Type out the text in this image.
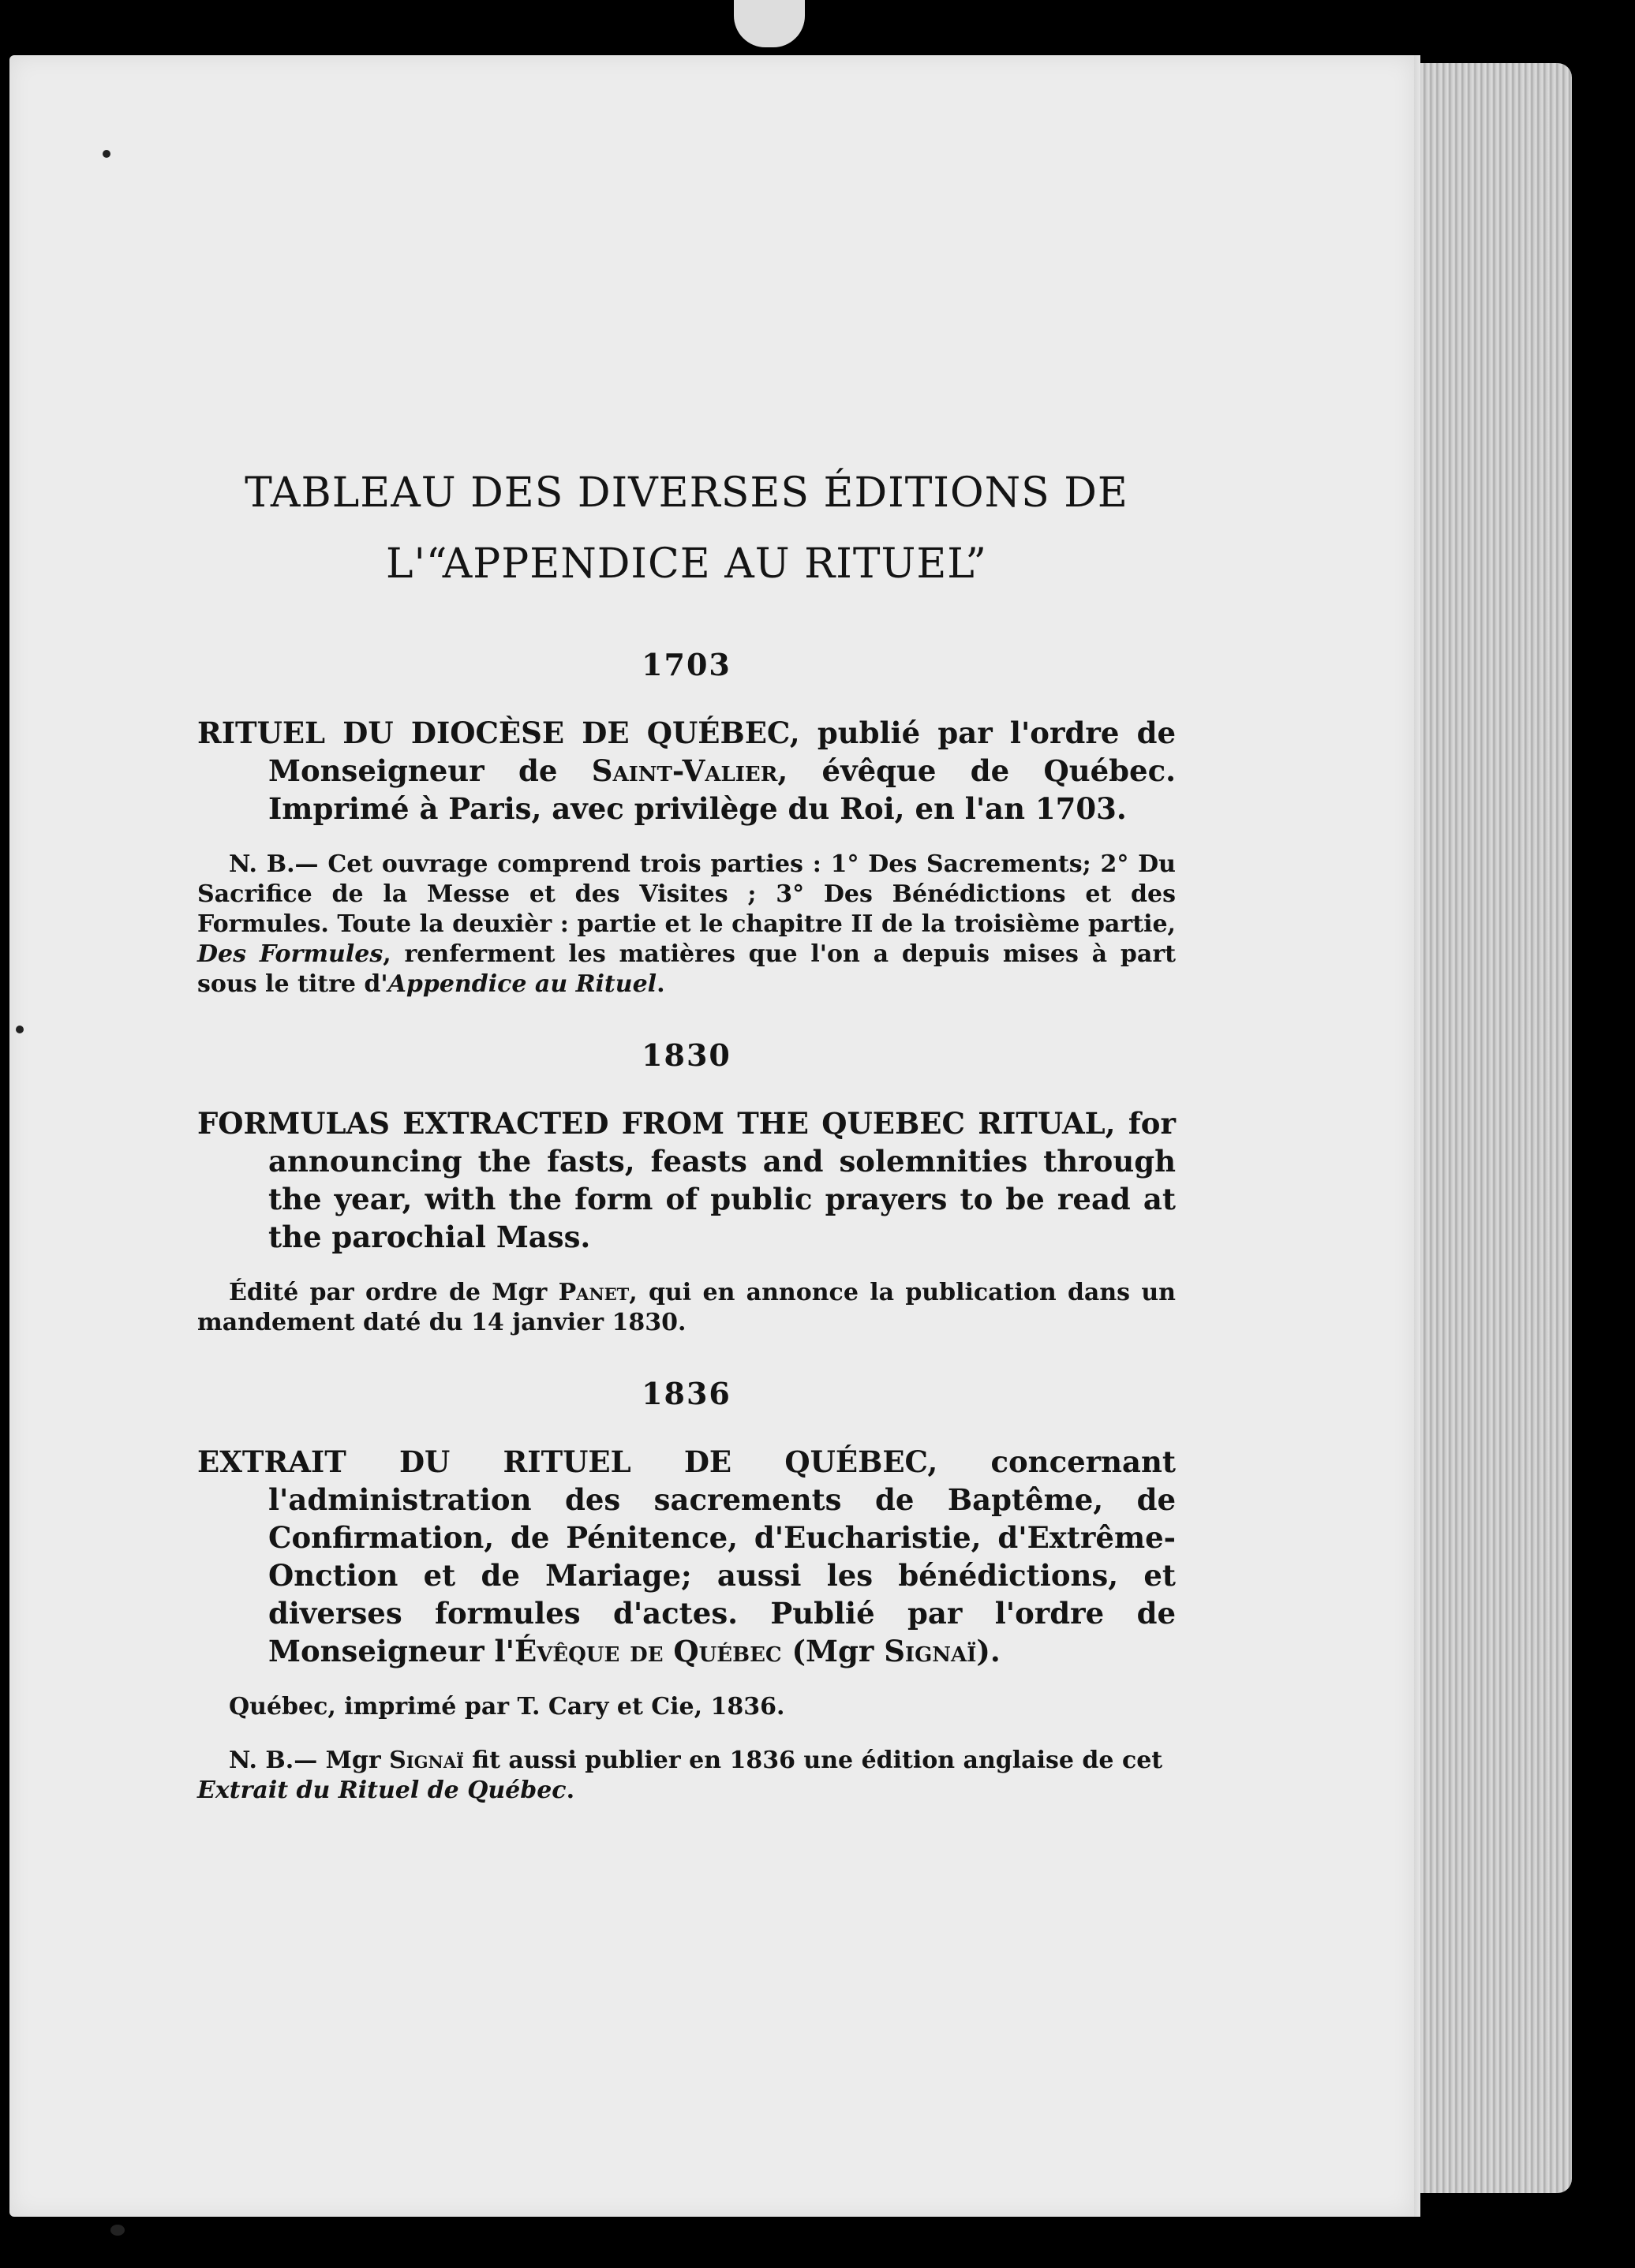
TABLEAU DES DIVERSES ÉDITIONS DE
L'“APPENDICE AU RITUEL”

1703

RITUEL DU DIOCÈSE DE QUÉBEC, publié par l'ordre de Monseigneur de Saint-Valier, évêque de Québec. Imprimé à Paris, avec privilège du Roi, en l'an 1703.

N. B.— Cet ouvrage comprend trois parties : 1° Des Sacrements; 2° Du Sacrifice de la Messe et des Visites ; 3° Des Bénédictions et des Formules. Toute la deuxièr : partie et le chapitre II de la troisième partie, Des Formules, renferment les matières que l'on a depuis mises à part sous le titre d'Appendice au Rituel.

1830

FORMULAS EXTRACTED FROM THE QUEBEC RITUAL, for announcing the fasts, feasts and solemnities through the year, with the form of public prayers to be read at the parochial Mass.

Édité par ordre de Mgr Panet, qui en annonce la publication dans un mandement daté du 14 janvier 1830.

1836

EXTRAIT DU RITUEL DE QUÉBEC, concernant l'administration des sacrements de Baptême, de Confirmation, de Pénitence, d'Eucharistie, d'Extrême-Onction et de Mariage; aussi les bénédictions, et diverses formules d'actes. Publié par l'ordre de Monseigneur l'Évêque de Québec (Mgr Signaï).

Québec, imprimé par T. Cary et Cie, 1836.

N. B.— Mgr Signaï fit aussi publier en 1836 une édition anglaise de cet Extrait du Rituel de Québec.
